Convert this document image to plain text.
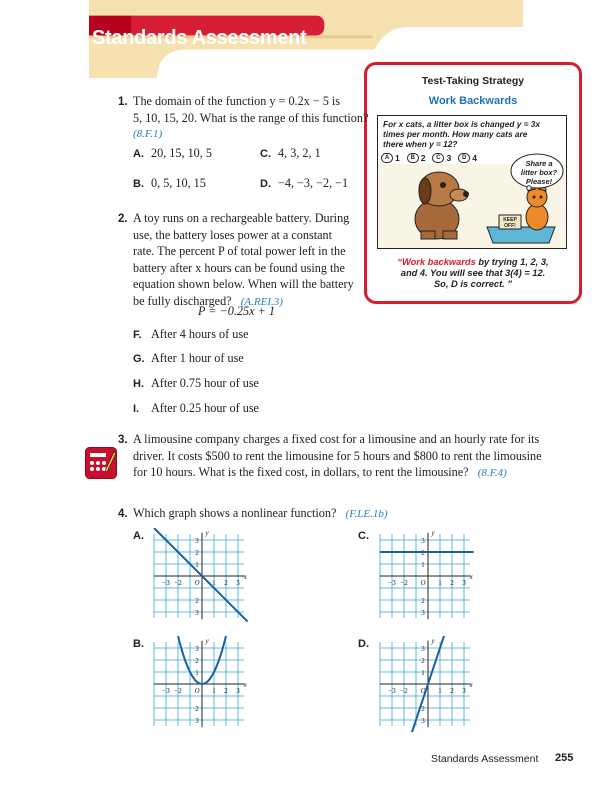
5	Standards Assessment
Test-Taking Strategy
Work Backwards
For x cats, a litter box is changed y = 3x
times per month. How many cats are
there when y = 12?
A 1	B 2	C 3	D 4
Share a
litter box?
Please!
KEEP OFF!
“Work backwards by trying 1, 2, 3,
and 4. You will see that 3(4) = 12.
So, D is correct. ”
1. The domain of the function y = 0.2x − 5 is
5, 10, 15, 20. What is the range of this function?
(8.F.1)
A. 20, 15, 10, 5
B. 0, 5, 10, 15
C. 4, 3, 2, 1
D. −4, −3, −2, −1
2. A toy runs on a rechargeable battery. During
use, the battery loses power at a constant
rate. The percent P of total power left in the
battery after x hours can be found using the
equation shown below. When will the battery
be fully discharged? (A.REI.3)
P = −0.25x + 1
F. After 4 hours of use
G. After 1 hour of use
H. After 0.75 hour of use
I. After 0.25 hour of use
3. A limousine company charges a fixed cost for a limousine and an hourly rate for its
driver. It costs $500 to rent the limousine for 5 hours and $800 to rent the limousine
for 10 hours. What is the fixed cost, in dollars, to rent the limousine? (8.F.4)
4. Which graph shows a nonlinear function? (F.LE.1b)
A.
B.
C.
D.
x
y
O
−3 −2	1 2 3
3
2
1
2
3
x
y
O
−3 −2	1 2 3
3
2
1
2
3
x
y
O
−3 −2	1 2 3
3
2
1
2
3
x
y
O
−3 −2	1 2 3
3
2
1
2
3
Standards Assessment 255
